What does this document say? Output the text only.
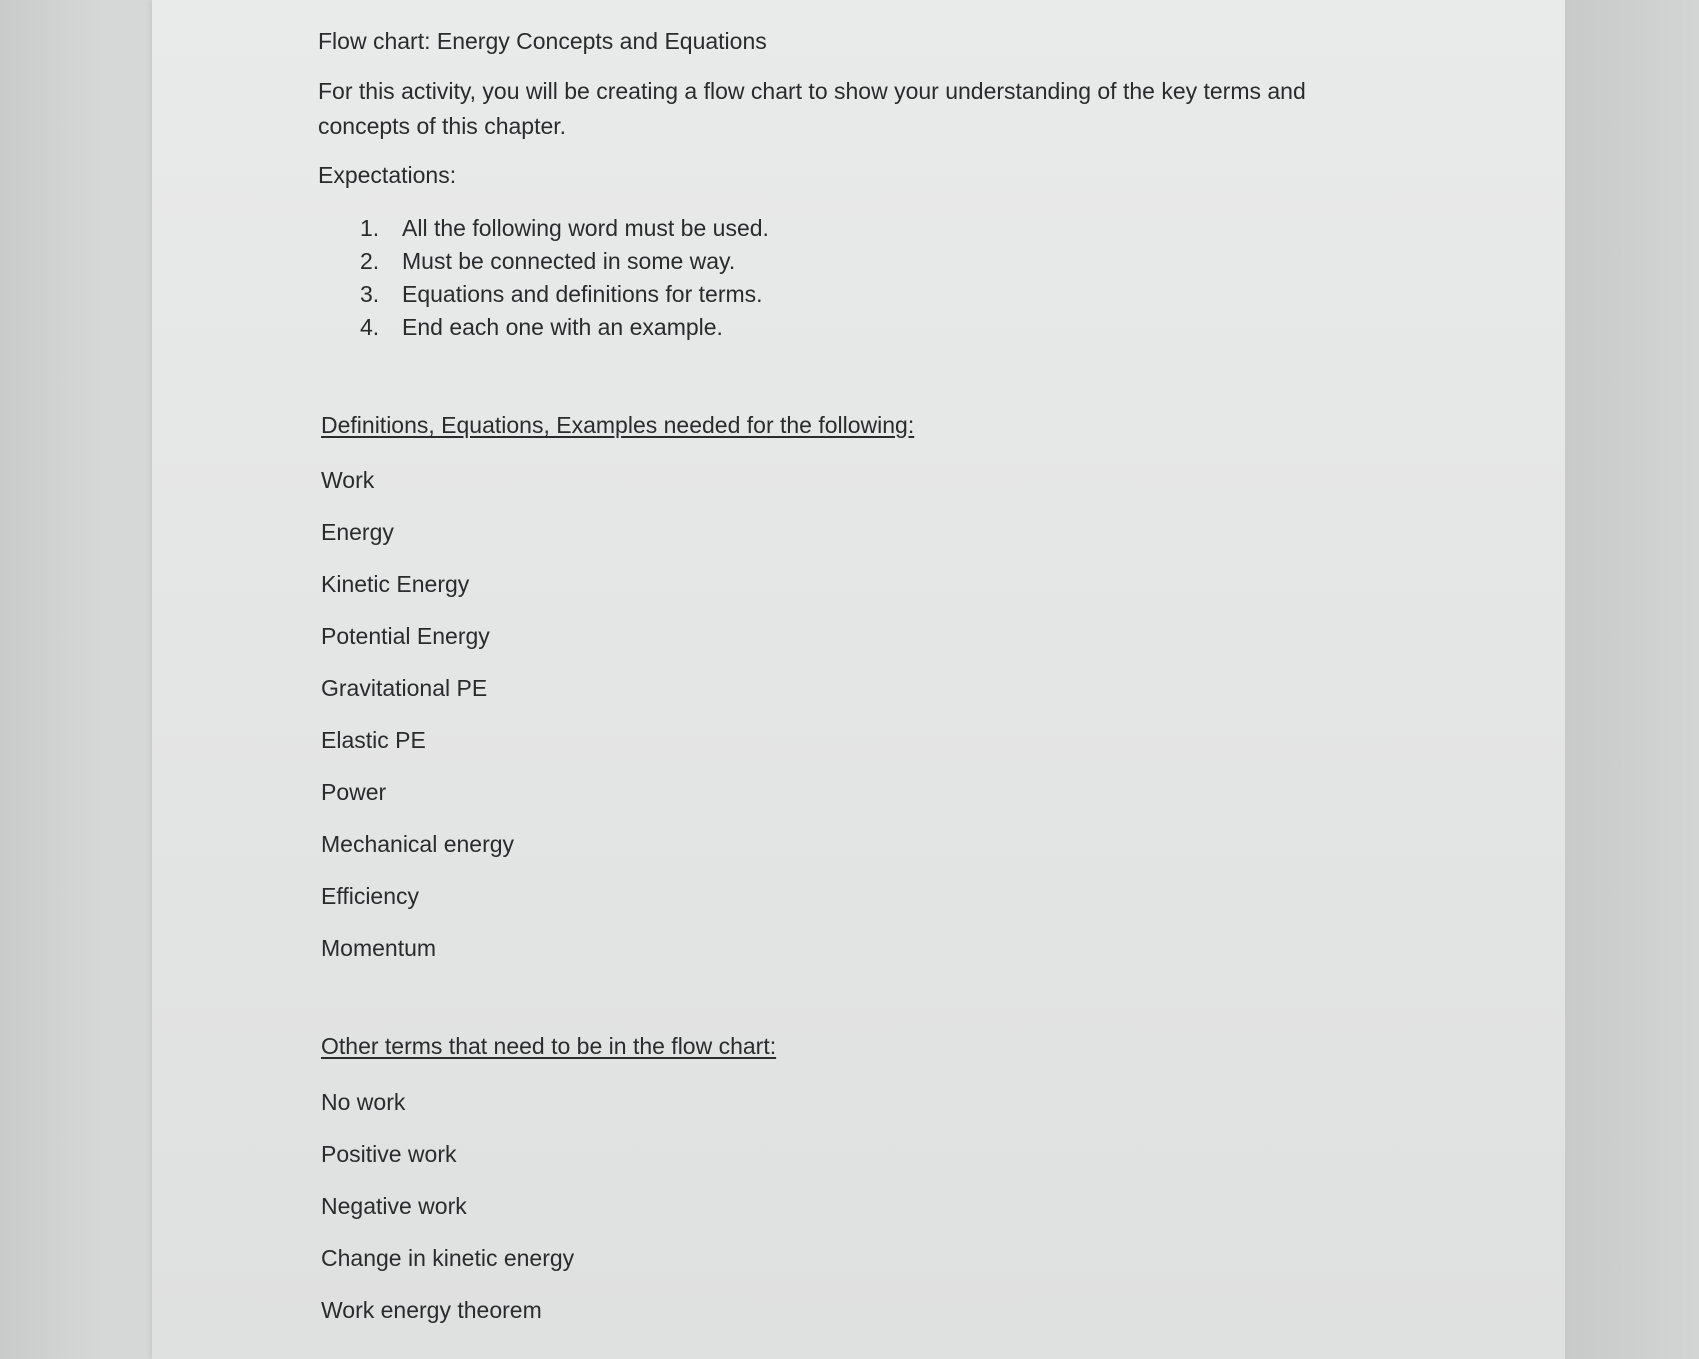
Flow chart: Energy Concepts and Equations
For this activity, you will be creating a flow chart to show your understanding of the key terms and concepts of this chapter.
Expectations:
1. All the following word must be used.
2. Must be connected in some way.
3. Equations and definitions for terms.
4. End each one with an example.
Definitions, Equations, Examples needed for the following:
Work
Energy
Kinetic Energy
Potential Energy
Gravitational PE
Elastic PE
Power
Mechanical energy
Efficiency
Momentum
Other terms that need to be in the flow chart:
No work
Positive work
Negative work
Change in kinetic energy
Work energy theorem
